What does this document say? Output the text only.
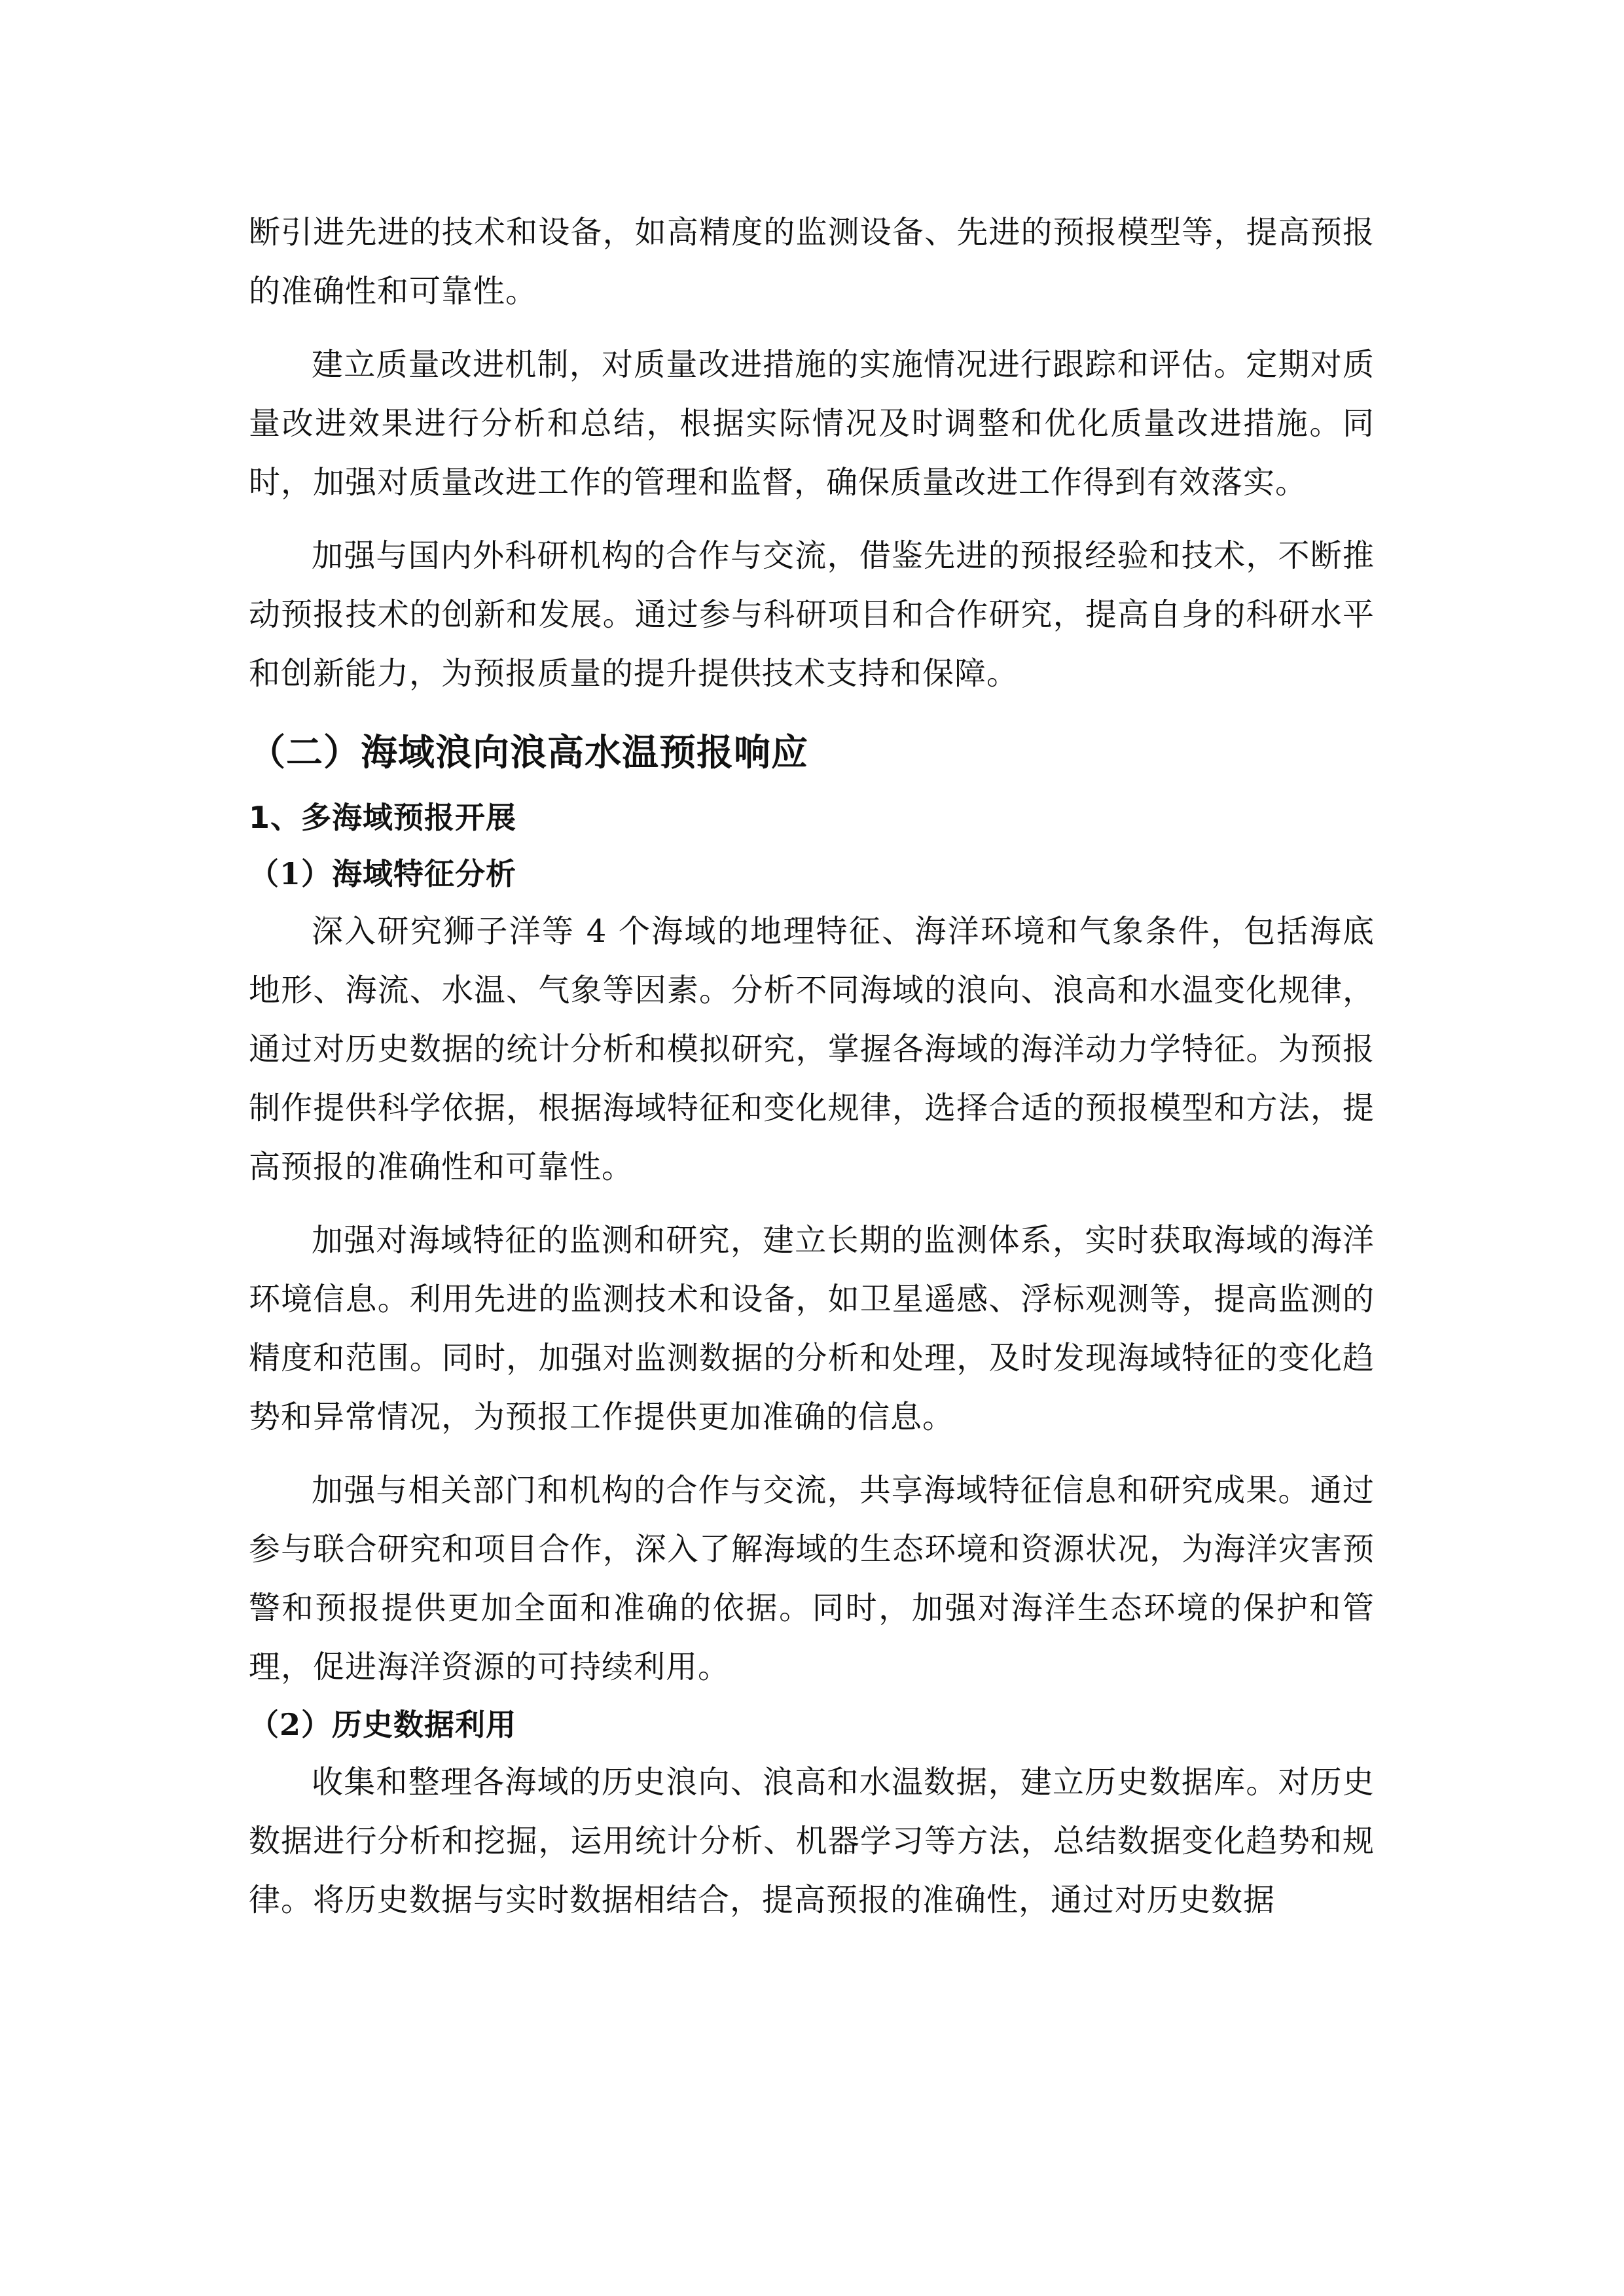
断引进先进的技术和设备，如高精度的监测设备、先进的预报模型等，提高预报的准确性和可靠性。

建立质量改进机制，对质量改进措施的实施情况进行跟踪和评估。定期对质量改进效果进行分析和总结，根据实际情况及时调整和优化质量改进措施。同时，加强对质量改进工作的管理和监督，确保质量改进工作得到有效落实。

加强与国内外科研机构的合作与交流，借鉴先进的预报经验和技术，不断推动预报技术的创新和发展。通过参与科研项目和合作研究，提高自身的科研水平和创新能力，为预报质量的提升提供技术支持和保障。

（二）海域浪向浪高水温预报响应
1、多海域预报开展
（1）海域特征分析

深入研究狮子洋等 4 个海域的地理特征、海洋环境和气象条件，包括海底地形、海流、水温、气象等因素。分析不同海域的浪向、浪高和水温变化规律，通过对历史数据的统计分析和模拟研究，掌握各海域的海洋动力学特征。为预报制作提供科学依据，根据海域特征和变化规律，选择合适的预报模型和方法，提高预报的准确性和可靠性。

加强对海域特征的监测和研究，建立长期的监测体系，实时获取海域的海洋环境信息。利用先进的监测技术和设备，如卫星遥感、浮标观测等，提高监测的精度和范围。同时，加强对监测数据的分析和处理，及时发现海域特征的变化趋势和异常情况，为预报工作提供更加准确的信息。

加强与相关部门和机构的合作与交流，共享海域特征信息和研究成果。通过参与联合研究和项目合作，深入了解海域的生态环境和资源状况，为海洋灾害预警和预报提供更加全面和准确的依据。同时，加强对海洋生态环境的保护和管理，促进海洋资源的可持续利用。

（2）历史数据利用

收集和整理各海域的历史浪向、浪高和水温数据，建立历史数据库。对历史数据进行分析和挖掘，运用统计分析、机器学习等方法，总结数据变化趋势和规律。将历史数据与实时数据相结合，提高预报的准确性，通过对历史数据
